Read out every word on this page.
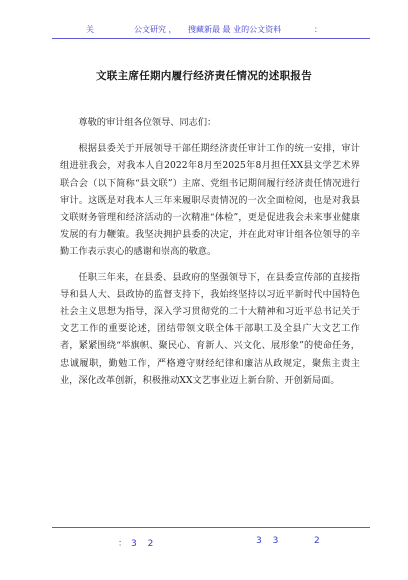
关	公文研究 ， 搜藏新最 最 业的公文资料	：
文联主席任期内履行经济责任情况的述职报告

尊敬的审计组各位领导、同志们：

根据县委关于开展领导干部任期经济责任审计工作的统一安排，审计组进驻我会，对我本人自2022年8月至2025年8月担任XX县文学艺术界联合会（以下简称“县文联”）主席、党组书记期间履行经济责任情况进行审计。这既是对我本人三年来履职尽责情况的一次全面检阅，也是对我县文联财务管理和经济活动的一次精准“体检”，更是促进我会未来事业健康发展的有力鞭策。我坚决拥护县委的决定，并在此对审计组各位领导的辛勤工作表示衷心的感谢和崇高的敬意。

任职三年来，在县委、县政府的坚强领导下，在县委宣传部的直接指导和县人大、县政协的监督支持下，我始终坚持以习近平新时代中国特色社会主义思想为指导，深入学习贯彻党的二十大精神和习近平总书记关于文艺工作的重要论述，团结带领文联全体干部职工及全县广大文艺工作者，紧紧围绕“举旗帜、聚民心、育新人、兴文化、展形象”的使命任务，忠诚履职，勤勉工作，严格遵守财经纪律和廉洁从政规定，聚焦主责主业，深化改革创新，积极推动XX文艺事业迈上新台阶、开创新局面。

：3 2	3 3	2
